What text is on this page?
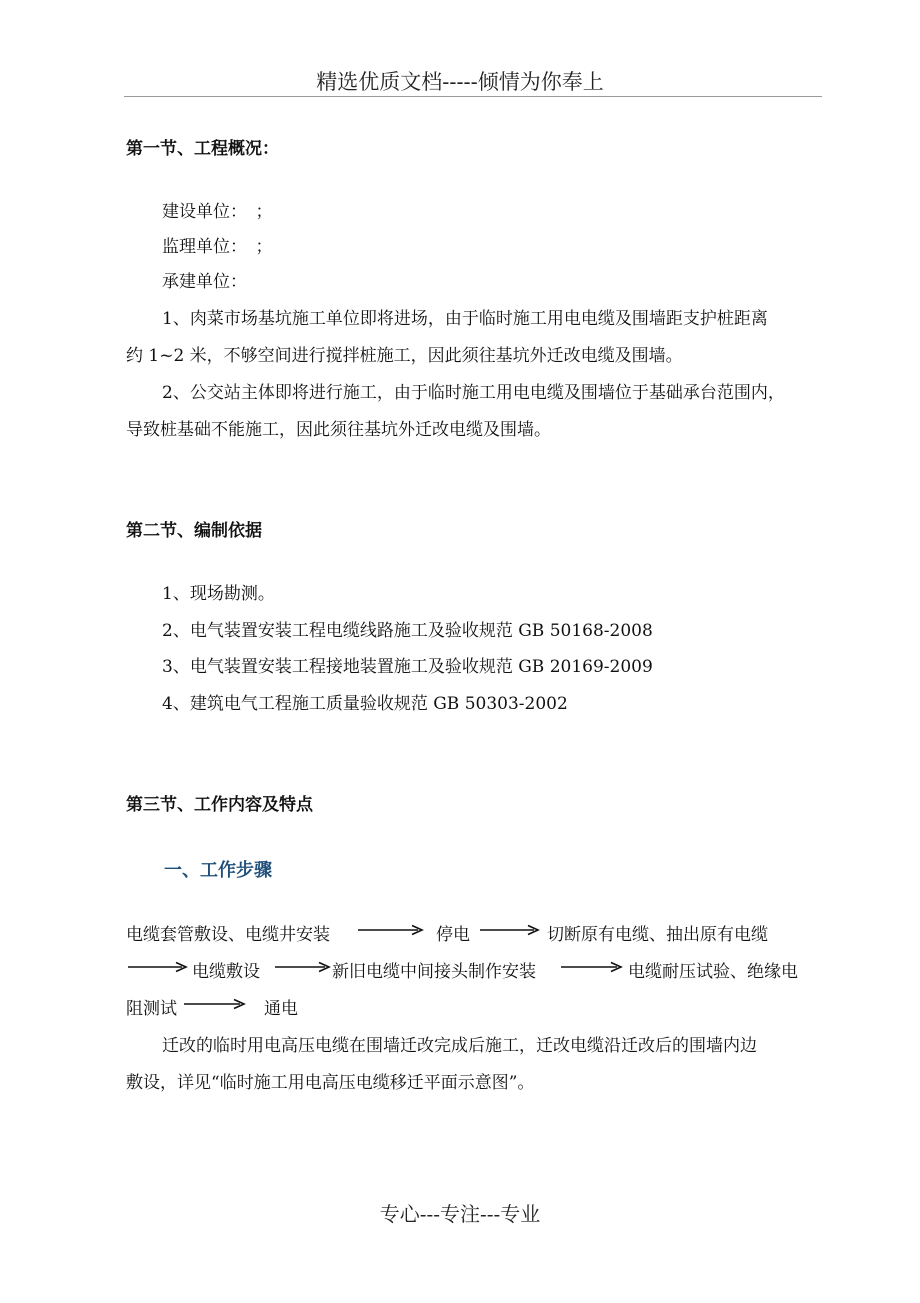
精选优质文档-----倾情为你奉上
第一节、工程概况：
建设单位：　；
监理单位：　；
承建单位：
1、肉菜市场基坑施工单位即将进场，由于临时施工用电电缆及围墙距支护桩距离
约 1~2 米，不够空间进行搅拌桩施工，因此须往基坑外迁改电缆及围墙。
2、公交站主体即将进行施工，由于临时施工用电电缆及围墙位于基础承台范围内，
导致桩基础不能施工，因此须往基坑外迁改电缆及围墙。
第二节、编制依据
1、现场勘测。
2、电气装置安装工程电缆线路施工及验收规范 GB 50168-2008
3、电气装置安装工程接地装置施工及验收规范 GB 20169-2009
4、建筑电气工程施工质量验收规范 GB 50303-2002
第三节、工作内容及特点
一、工作步骤
电缆套管敷设、电缆井安装	停电	切断原有电缆、抽出原有电缆
电缆敷设	新旧电缆中间接头制作安装	电缆耐压试验、绝缘电
阻测试	通电
迁改的临时用电高压电缆在围墙迁改完成后施工，迁改电缆沿迁改后的围墙内边
敷设，详见“临时施工用电高压电缆移迁平面示意图”。
专心---专注---专业
